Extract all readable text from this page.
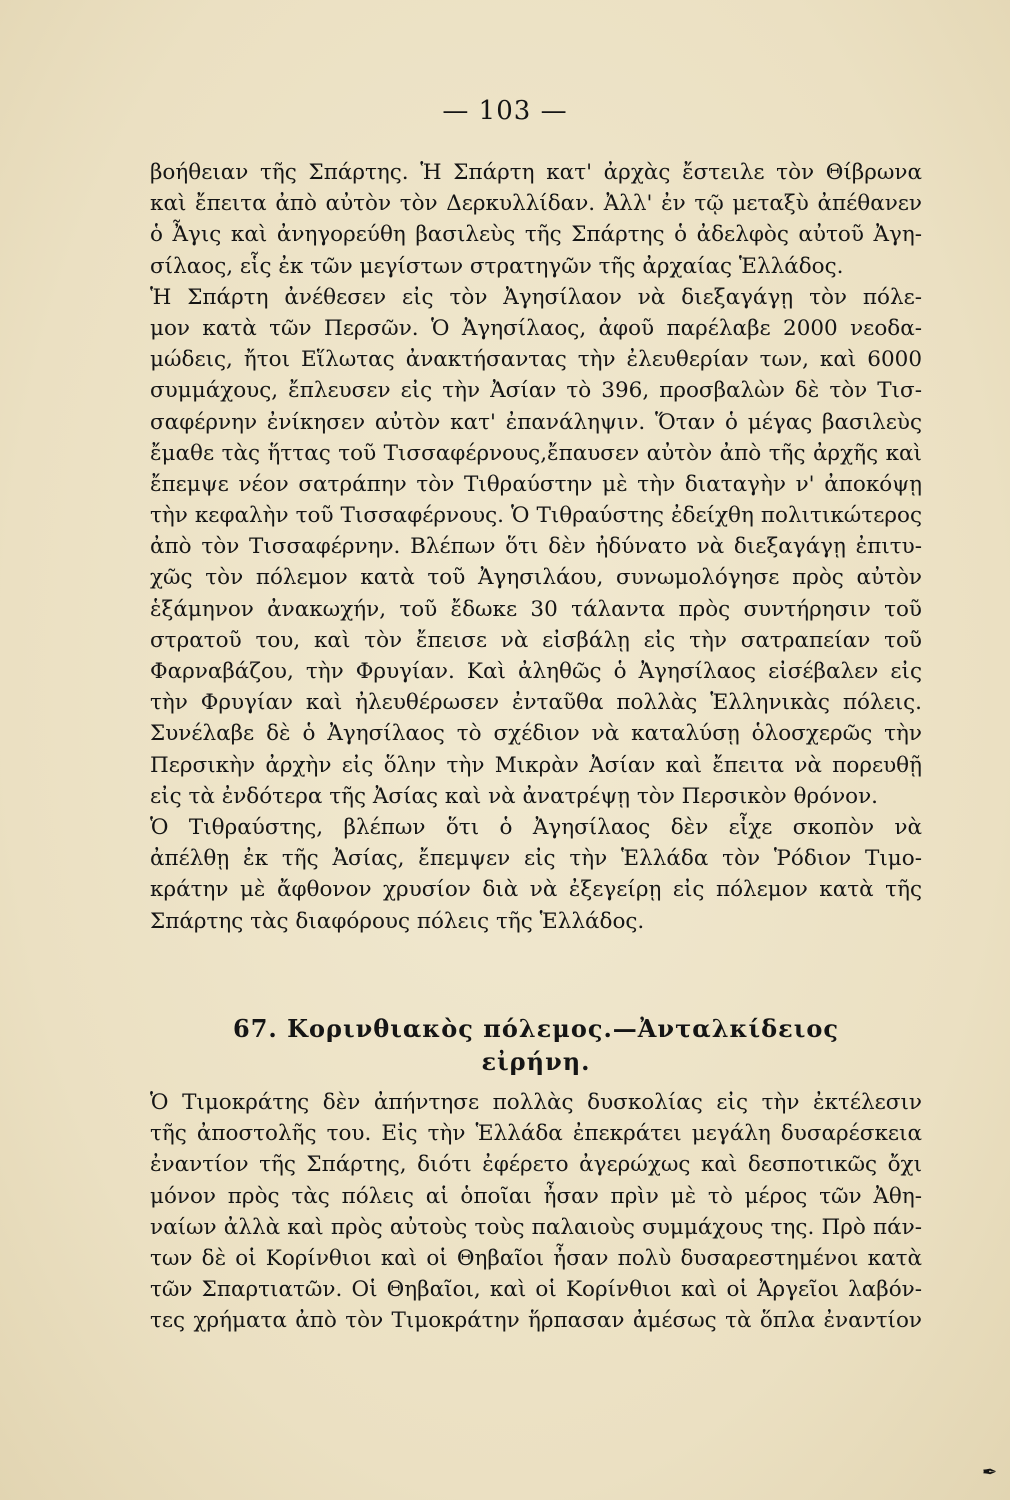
— 103 —
βοήθειαν τῆς Σπάρτης. Ἡ Σπάρτη κατ' ἀρχὰς ἔστειλε τὸν Θίβρωνα
καὶ ἔπειτα ἀπὸ αὐτὸν τὸν Δερκυλλίδαν. Ἀλλ' ἐν τῷ μεταξὺ ἀπέθανεν
ὁ Ἆγις καὶ ἀνηγορεύθη βασιλεὺς τῆς Σπάρτης ὁ ἀδελφὸς αὐτοῦ Ἀγη-
σίλαος, εἷς ἐκ τῶν μεγίστων στρατηγῶν τῆς ἀρχαίας Ἑλλάδος.
Ἡ Σπάρτη ἀνέθεσεν εἰς τὸν Ἀγησίλαον νὰ διεξαγάγῃ τὸν πόλε-
μον κατὰ τῶν Περσῶν. Ὁ Ἀγησίλαος, ἀφοῦ παρέλαβε 2000 νεοδα-
μώδεις, ἤτοι Εἵλωτας ἀνακτήσαντας τὴν ἐλευθερίαν των, καὶ 6000
συμμάχους, ἔπλευσεν εἰς τὴν Ἀσίαν τὸ 396, προσβαλὼν δὲ τὸν Τισ-
σαφέρνην ἐνίκησεν αὐτὸν κατ' ἐπανάληψιν. Ὅταν ὁ μέγας βασιλεὺς
ἔμαθε τὰς ἥττας τοῦ Τισσαφέρνους,ἔπαυσεν αὐτὸν ἀπὸ τῆς ἀρχῆς καὶ
ἔπεμψε νέον σατράπην τὸν Τιθραύστην μὲ τὴν διαταγὴν ν' ἀποκόψῃ
τὴν κεφαλὴν τοῦ Τισσαφέρνους. Ὁ Τιθραύστης ἐδείχθη πολιτικώτερος
ἀπὸ τὸν Τισσαφέρνην. Βλέπων ὅτι δὲν ἠδύνατο νὰ διεξαγάγῃ ἐπιτυ-
χῶς τὸν πόλεμον κατὰ τοῦ Ἀγησιλάου, συνωμολόγησε πρὸς αὐτὸν
ἑξάμηνον ἀνακωχήν, τοῦ ἔδωκε 30 τάλαντα πρὸς συντήρησιν τοῦ
στρατοῦ του, καὶ τὸν ἔπεισε νὰ εἰσβάλῃ εἰς τὴν σατραπείαν τοῦ
Φαρναβάζου, τὴν Φρυγίαν. Καὶ ἀληθῶς ὁ Ἀγησίλαος εἰσέβαλεν εἰς
τὴν Φρυγίαν καὶ ἠλευθέρωσεν ἐνταῦθα πολλὰς Ἑλληνικὰς πόλεις.
Συνέλαβε δὲ ὁ Ἀγησίλαος τὸ σχέδιον νὰ καταλύσῃ ὁλοσχερῶς τὴν
Περσικὴν ἀρχὴν εἰς ὅλην τὴν Μικρὰν Ἀσίαν καὶ ἔπειτα νὰ πορευθῇ
εἰς τὰ ἐνδότερα τῆς Ἀσίας καὶ νὰ ἀνατρέψῃ τὸν Περσικὸν θρόνον.
Ὁ Τιθραύστης, βλέπων ὅτι ὁ Ἀγησίλαος δὲν εἶχε σκοπὸν νὰ
ἀπέλθῃ ἐκ τῆς Ἀσίας, ἔπεμψεν εἰς τὴν Ἑλλάδα τὸν Ῥόδιον Τιμο-
κράτην μὲ ἄφθονον χρυσίον διὰ νὰ ἐξεγείρῃ εἰς πόλεμον κατὰ τῆς
Σπάρτης τὰς διαφόρους πόλεις τῆς Ἑλλάδος.
67. Κορινθιακὸς πόλεμος.—Ἀνταλκίδειος
εἰρήνη.
Ὁ Τιμοκράτης δὲν ἀπήντησε πολλὰς δυσκολίας εἰς τὴν ἐκτέλεσιν
τῆς ἀποστολῆς του. Εἰς τὴν Ἑλλάδα ἐπεκράτει μεγάλη δυσαρέσκεια
ἐναντίον τῆς Σπάρτης, διότι ἐφέρετο ἀγερώχως καὶ δεσποτικῶς ὄχι
μόνον πρὸς τὰς πόλεις αἱ ὁποῖαι ἦσαν πρὶν μὲ τὸ μέρος τῶν Ἀθη-
ναίων ἀλλὰ καὶ πρὸς αὐτοὺς τοὺς παλαιοὺς συμμάχους της. Πρὸ πάν-
των δὲ οἱ Κορίνθιοι καὶ οἱ Θηβαῖοι ἦσαν πολὺ δυσαρεστημένοι κατὰ
τῶν Σπαρτιατῶν. Οἱ Θηβαῖοι, καὶ οἱ Κορίνθιοι καὶ οἱ Ἀργεῖοι λαβόν-
τες χρήματα ἀπὸ τὸν Τιμοκράτην ἥρπασαν ἀμέσως τὰ ὅπλα ἐναντίον
✒
